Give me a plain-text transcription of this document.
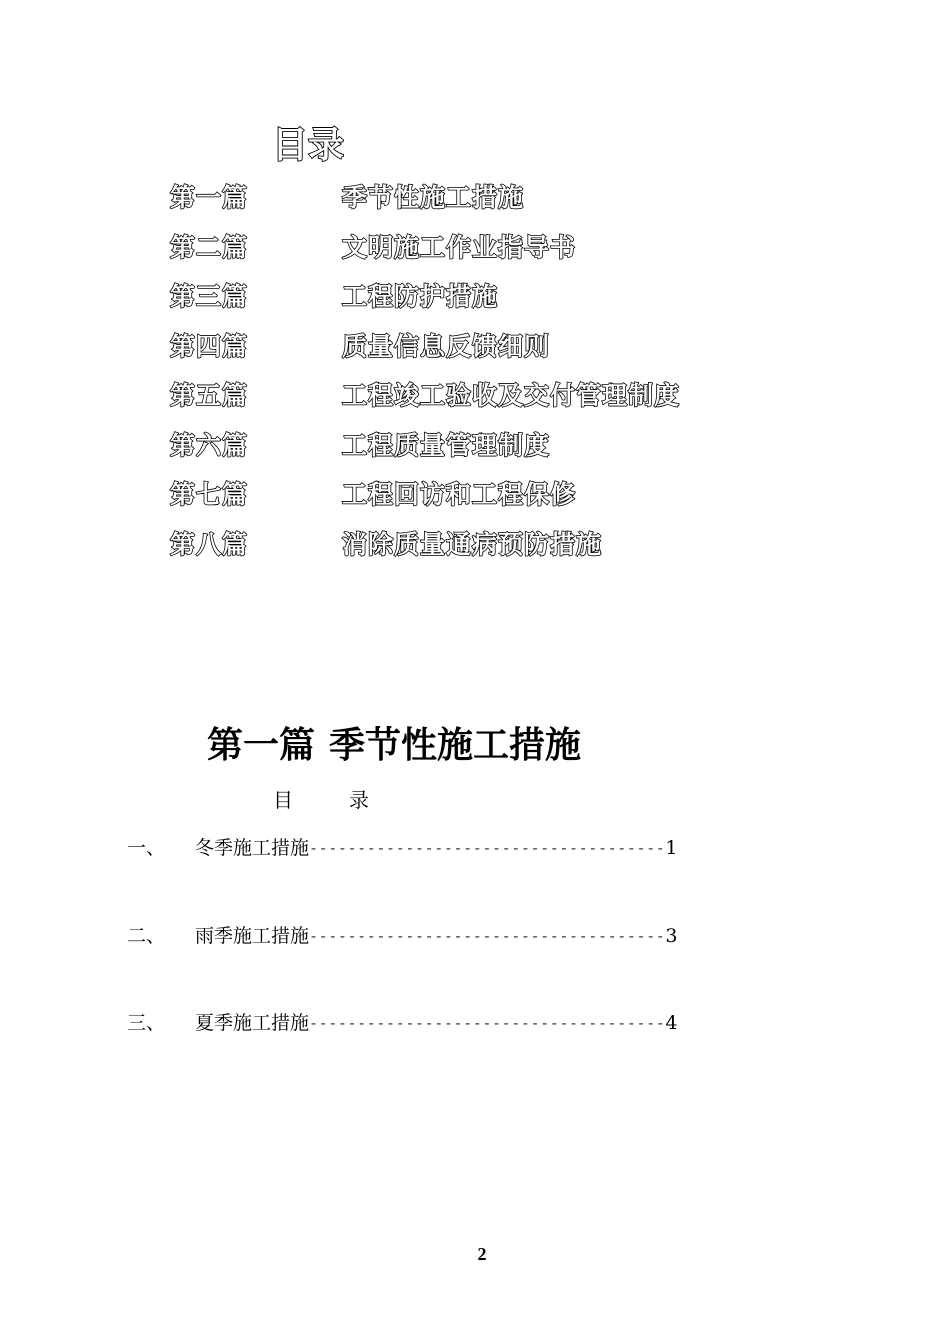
目录
第一篇	季节性施工措施
第二篇	文明施工作业指导书
第三篇	工程防护措施
第四篇	质量信息反馈细则
第五篇	工程竣工验收及交付管理制度
第六篇	工程质量管理制度
第七篇	工程回访和工程保修
第八篇	消除质量通病预防措施
第一篇 季节性施工措施
目	录
一、	冬季施工措施 ------------------------------------- 1
二、	雨季施工措施 ------------------------------------- 3
三、	夏季施工措施 ------------------------------------- 4
2
